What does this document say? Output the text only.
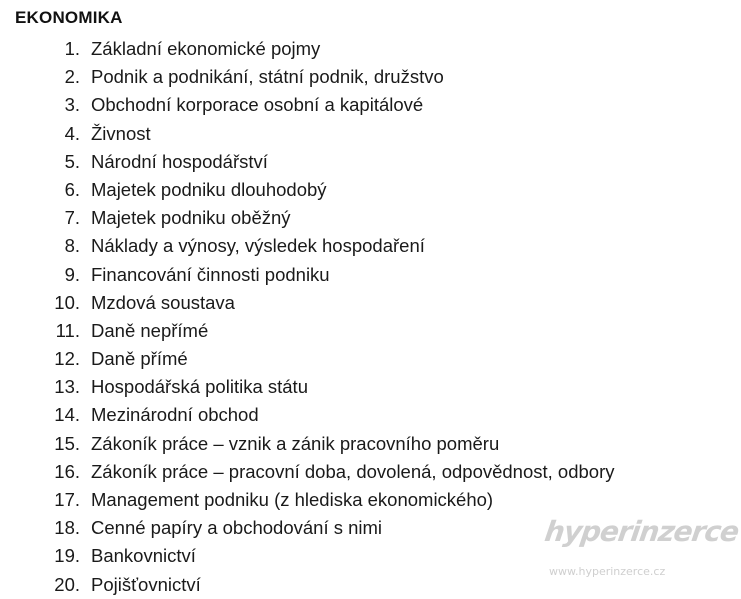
EKONOMIKA
1. Základní ekonomické pojmy
2. Podnik a podnikání, státní podnik, družstvo
3. Obchodní korporace osobní a kapitálové
4. Živnost
5. Národní hospodářství
6. Majetek podniku dlouhodobý
7. Majetek podniku oběžný
8. Náklady a výnosy, výsledek hospodaření
9. Financování činnosti podniku
10. Mzdová soustava
11. Daně nepřímé
12. Daně přímé
13. Hospodářská politika státu
14. Mezinárodní obchod
15. Zákoník práce – vznik a zánik pracovního poměru
16. Zákoník práce – pracovní doba, dovolená, odpovědnost, odbory
17. Management podniku (z hlediska ekonomického)
18. Cenné papíry a obchodování s nimi
19. Bankovnictví
20. Pojišťovnictví
hyperinzerce
www.hyperinzerce.cz
